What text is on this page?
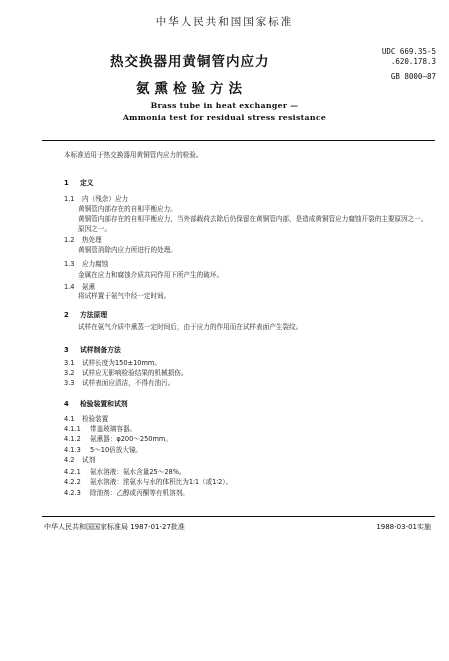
中华人民共和国国家标准
热交换器用黄铜管内应力
氨熏检验方法
UDC 669.35-5
.620.178.3
GB 8000—87
Brass tube in heat exchanger —
Ammonia test for residual stress resistance
本标准适用于热交换器用黄铜管内应力的检验。
1 定义
1.1 内（残余）应力
黄铜管内部存在的自相平衡应力。
黄铜管内部存在的自相平衡应力，当外部载荷去除后仍保留在黄铜管内部，是造成黄铜管应力腐蚀开裂的主要原因之一。
原因之一。
1.2 热处理
黄铜管消除内应力所进行的处理。
1.3 应力腐蚀
金属在应力和腐蚀介质共同作用下所产生的破坏。
1.4 氨熏
将试样置于氨气中经一定时间。
2 方法原理
试样在氨气介质中熏蒸一定时间后，由于应力的作用而在试样表面产生裂纹。
3 试样制备方法
3.1 试样长度为150±10mm。
3.2 试样应无影响检验结果的机械损伤。
3.3 试样表面应清洁，不得有油污。
4 检验装置和试剂
4.1 检验装置
4.1.1 带盖玻璃容器。
4.1.2 氨熏器：φ200～250mm。
4.1.3 5～10倍放大镜。
4.2 试剂
4.2.1 氨水溶液：氨水含量25～28%。
4.2.2 氨水溶液：浓氨水与水的体积比为1∶1（或1∶2）。
4.2.3 除油剂：乙醇或丙酮等有机溶剂。
中华人民共和国国家标准局 1987-01-27批准	1988-03-01实施
